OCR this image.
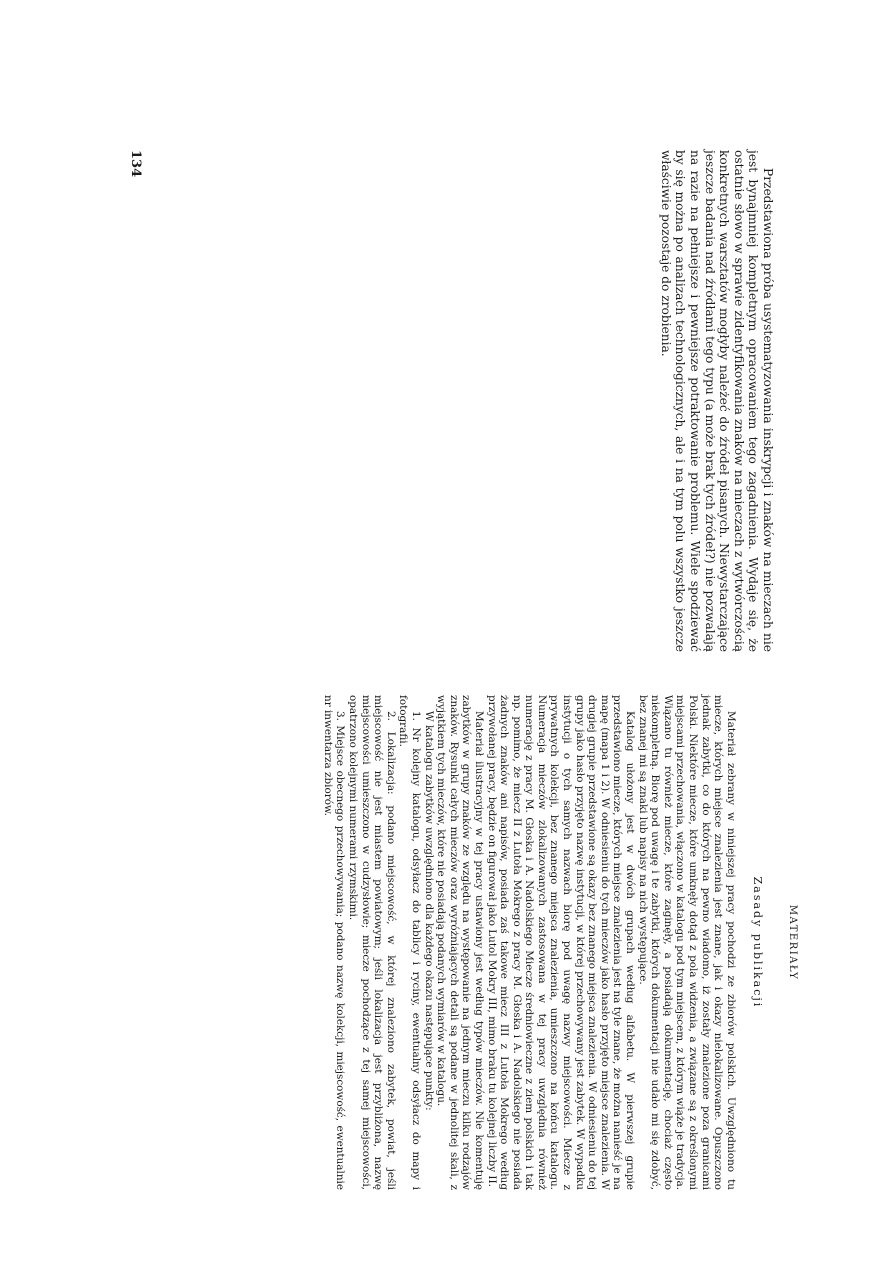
134

Przedstawiona próba usystematyzowania inskrypcji i znaków na mieczach nie jest bynajmniej kompletnym opracowaniem tego zagadnienia. Wydaje się, że ostatnie słowo w sprawie zidentyfikowania znaków na mieczach z wytwórczością konkretnych warsztatów mogłyby należeć do źródeł pisanych. Niewystarczające jeszcze badania nad źródłami tego typu (a może brak tych źródeł?) nie pozwalają na razie na pełniejsze i pewniejsze potraktowanie problemu. Wiele spodziewać by się można po analizach technologicznych, ale i na tym polu wszystko jeszcze właściwie pozostaje do zrobienia.

MATERIAŁY
Zasady publikacji

Materiał zebrany w niniejszej pracy pochodzi ze zbiorów polskich. Uwzględniono tu miecze, których miejsce znalezienia jest znane, jak i okazy nielokalizowane. Opuszczono jednak zabytki, co do których na pewno wiadomo, iż zostały znalezione poza granicami Polski. Niektóre miecze, które umknęły dotąd z pola widzenia, a związane są z określonymi miejscami przechowania, włączono w katalogu pod tym miejscem, z którym wiąże je tradycja. Wiązano tu również miecze, które zaginęły, a posiadają dokumentację, chociaż często niekompletną. Biorę pod uwagę i te zabytki, których dokumentacji nie udało mi się zdobyć, bez znanej mi są znaki lub napisy na nich występujące.

Katalog ułożony jest w dwóch grupach według alfabetu. W pierwszej grupie przedstawiono miecze, których miejsce znalezienia jest na tyle znane, że można nanieść je na mapę (mapa 1 i 2). W odniesieniu do tych mieczów jako hasło przyjęto miejsce znalezienia. W drugiej grupie przedstawione są okazy bez znanego miejsca znalezienia. W odniesieniu do tej grupy jako hasło przyjęto nazwę instytucji, w której przechowywany jest zabytek. W wypadku instytucji o tych samych nazwach biorę pod uwagę nazwy miejscowości. Miecze z prywatnych kolekcji, bez znanego miejsca znalezienia, umieszczono na końcu katalogu. Numeracja mieczów zlokalizowanych zastosowana w tej pracy uwzględnia również numerację z pracy M. Głoska i A. Nadolskiego Miecze średniowieczne z ziem polskich i tak np. pomimo, że miecz II z Lutoła Mokrego z pracy M. Głoska i A. Nadolskiego nie posiada żadnych znaków ani napisów, posiada zaś takowe miecz III z Lutoła Mokrego według przywołanej pracy, będzie on figurował jako Lutol Mokry III, mimo braku tu kolejnej liczby II.

Materiał ilustracyjny w tej pracy ustawiony jest według typów mieczów. Nie komentuję zabytków w grupy znaków ze względu na występowanie na jednym mieczu kilku rodzajów znaków. Rysunki całych mieczów oraz wyróżniających detali są podane w jednolitej skali, z wyjątkiem tych mieczów, które nie posiadają podanych wymiarów w katalogu.

W katalogu zabytków uwzględniono dla każdego okazu następujące punkty:

1. Nr kolejny katalogu, odsyłacz do tablicy i ryciny, ewentualny odsyłacz do mapy i fotografii.

2. Lokalizacja: podano miejscowość, w której znaleziono zabytek, powiat, jeśli miejscowość nie jest miastem powiatowym; jeśli lokalizacja jest przybliżona, nazwę miejscowości umieszczono w cudzysłowie; miecze pochodzące z tej samej miejscowości, opatrzono kolejnymi numerami rzymskimi.

3. Miejsce obecnego przechowywania; podano nazwę kolekcji, miejscowość, ewentualnie nr inwentarza zbiorów.
